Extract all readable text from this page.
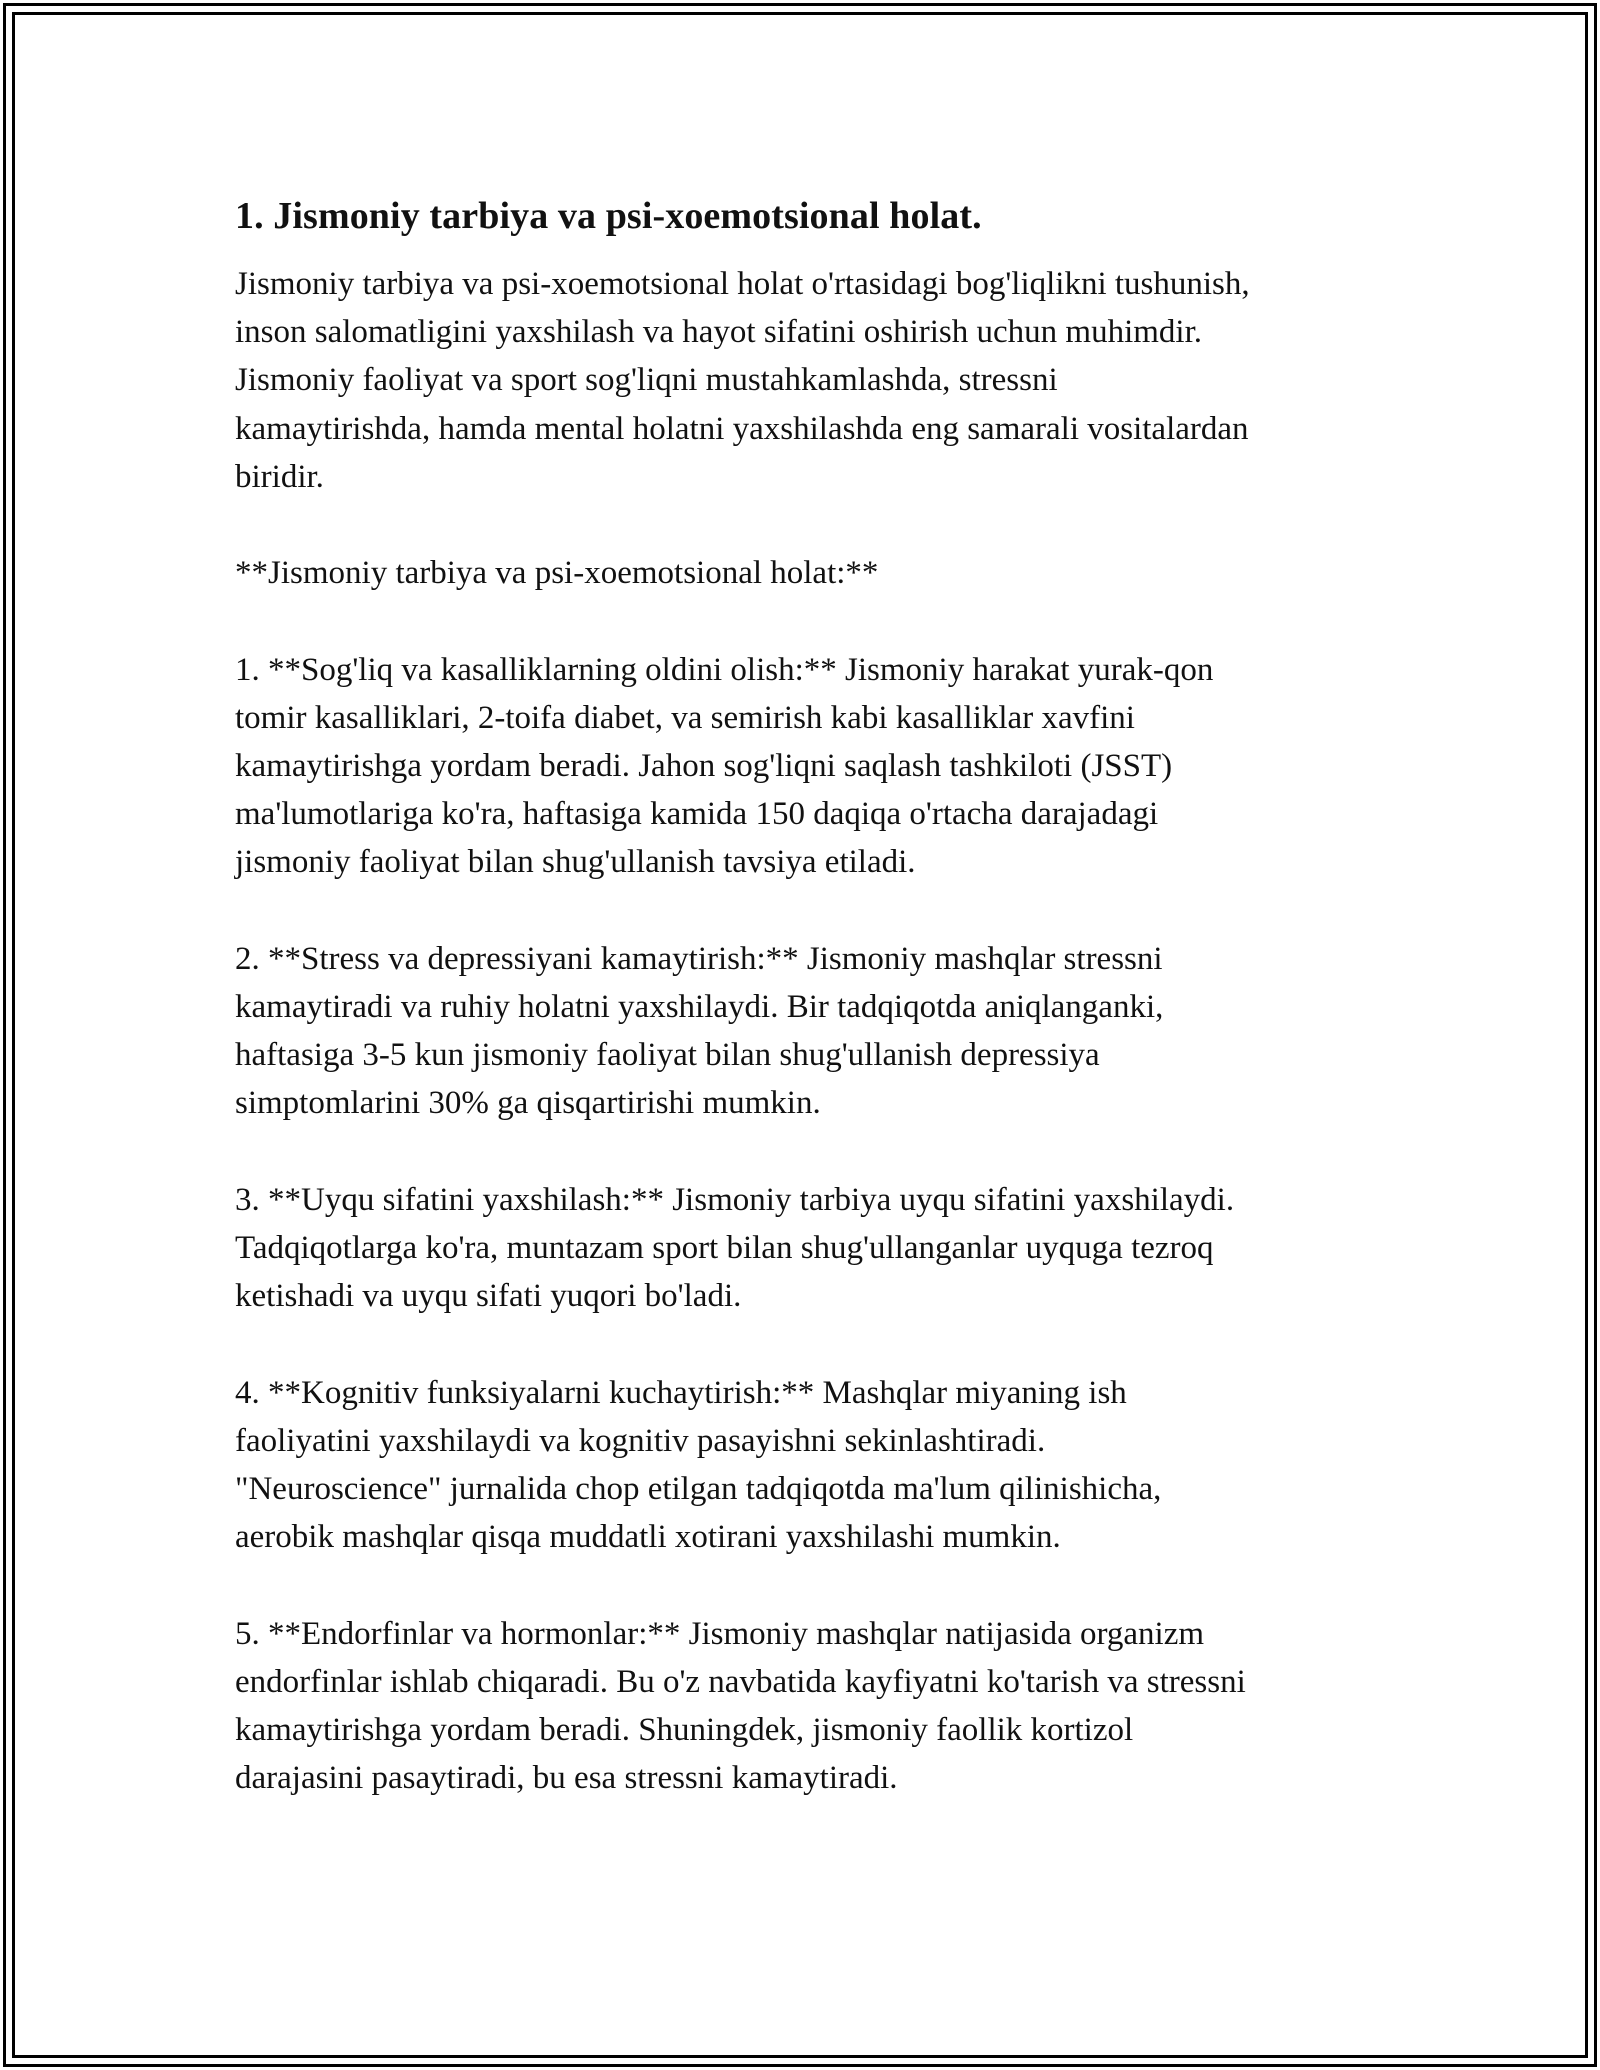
1. Jismoniy tarbiya va psi-xoemotsional holat.

Jismoniy tarbiya va psi-xoemotsional holat o'rtasidagi bog'liqlikni tushunish,
inson salomatligini yaxshilash va hayot sifatini oshirish uchun muhimdir.
Jismoniy faoliyat va sport sog'liqni mustahkamlashda, stressni
kamaytirishda, hamda mental holatni yaxshilashda eng samarali vositalardan
biridir.

**Jismoniy tarbiya va psi-xoemotsional holat:**

1. **Sog'liq va kasalliklarning oldini olish:** Jismoniy harakat yurak-qon
tomir kasalliklari, 2-toifa diabet, va semirish kabi kasalliklar xavfini
kamaytirishga yordam beradi. Jahon sog'liqni saqlash tashkiloti (JSST)
ma'lumotlariga ko'ra, haftasiga kamida 150 daqiqa o'rtacha darajadagi
jismoniy faoliyat bilan shug'ullanish tavsiya etiladi.

2. **Stress va depressiyani kamaytirish:** Jismoniy mashqlar stressni
kamaytiradi va ruhiy holatni yaxshilaydi. Bir tadqiqotda aniqlanganki,
haftasiga 3-5 kun jismoniy faoliyat bilan shug'ullanish depressiya
simptomlarini 30% ga qisqartirishi mumkin.

3. **Uyqu sifatini yaxshilash:** Jismoniy tarbiya uyqu sifatini yaxshilaydi.
Tadqiqotlarga ko'ra, muntazam sport bilan shug'ullanganlar uyquga tezroq
ketishadi va uyqu sifati yuqori bo'ladi.

4. **Kognitiv funksiyalarni kuchaytirish:** Mashqlar miyaning ish
faoliyatini yaxshilaydi va kognitiv pasayishni sekinlashtiradi.
"Neuroscience" jurnalida chop etilgan tadqiqotda ma'lum qilinishicha,
aerobik mashqlar qisqa muddatli xotirani yaxshilashi mumkin.

5. **Endorfinlar va hormonlar:** Jismoniy mashqlar natijasida organizm
endorfinlar ishlab chiqaradi. Bu o'z navbatida kayfiyatni ko'tarish va stressni
kamaytirishga yordam beradi. Shuningdek, jismoniy faollik kortizol
darajasini pasaytiradi, bu esa stressni kamaytiradi.
